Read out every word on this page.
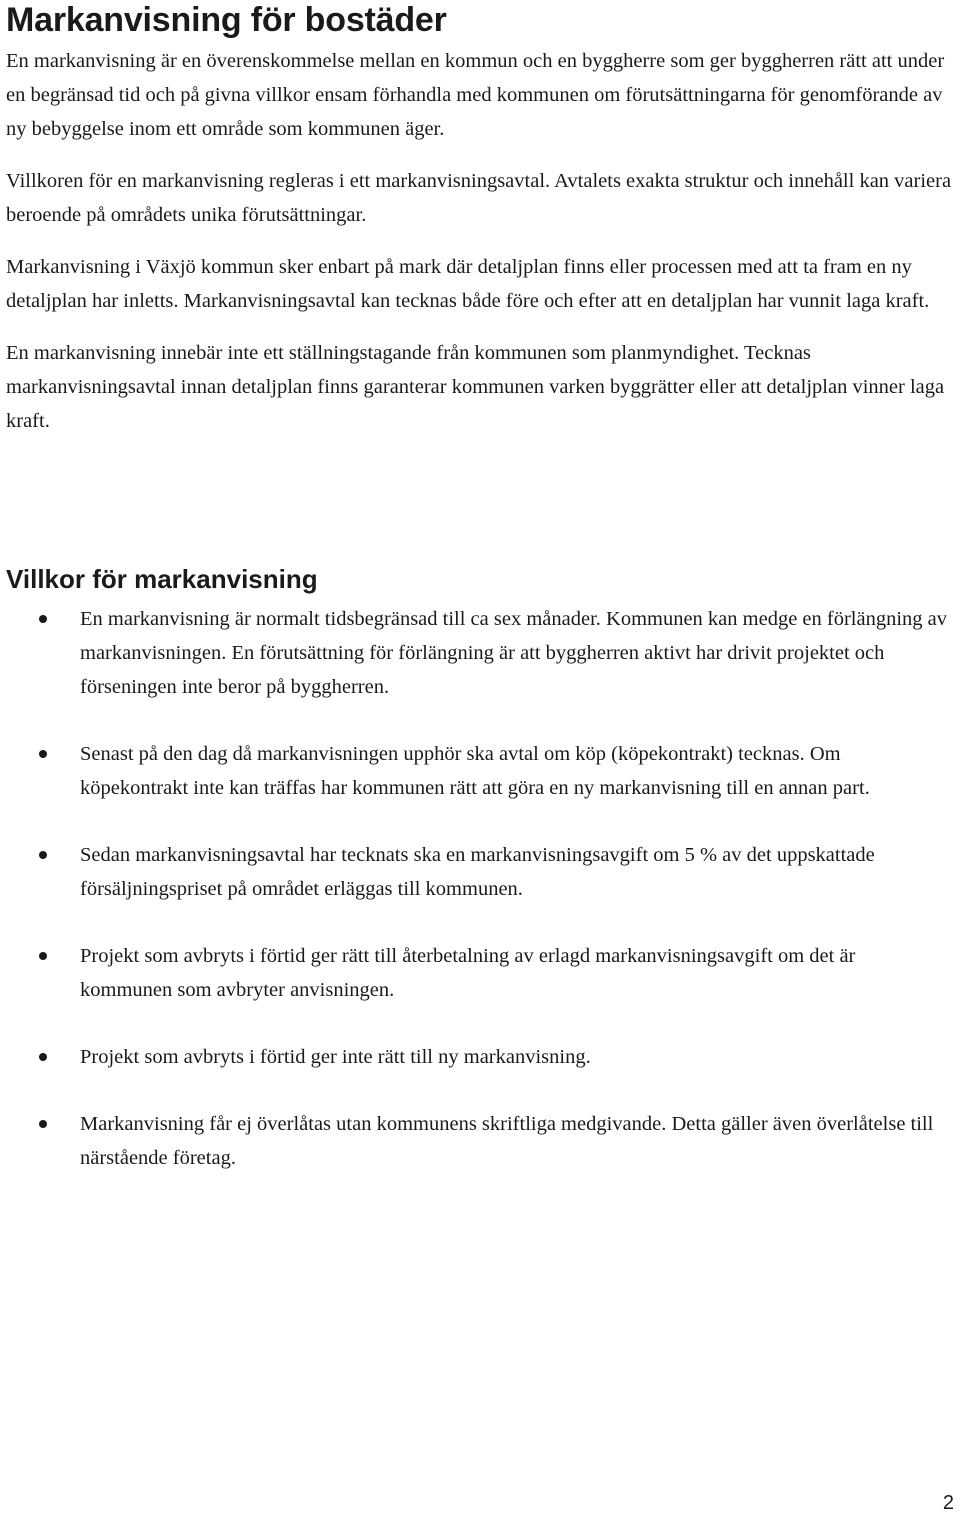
Markanvisning för bostäder

En markanvisning är en överenskommelse mellan en kommun och en byggherre som ger byggherren rätt att under en begränsad tid och på givna villkor ensam förhandla med kommunen om förutsättningarna för genomförande av ny bebyggelse inom ett område som kommunen äger.

Villkoren för en markanvisning regleras i ett markanvisningsavtal. Avtalets exakta struktur och innehåll kan variera beroende på områdets unika förutsättningar.

Markanvisning i Växjö kommun sker enbart på mark där detaljplan finns eller processen med att ta fram en ny detaljplan har inletts. Markanvisningsavtal kan tecknas både före och efter att en detaljplan har vunnit laga kraft.

En markanvisning innebär inte ett ställningstagande från kommunen som planmyndighet. Tecknas markanvisningsavtal innan detaljplan finns garanterar kommunen varken byggrätter eller att detaljplan vinner laga kraft.

Villkor för markanvisning
En markanvisning är normalt tidsbegränsad till ca sex månader. Kommunen kan medge en förlängning av markanvisningen. En förutsättning för förlängning är att byggherren aktivt har drivit projektet och förseningen inte beror på byggherren.
Senast på den dag då markanvisningen upphör ska avtal om köp (köpekontrakt) tecknas. Om köpekontrakt inte kan träffas har kommunen rätt att göra en ny markanvisning till en annan part.
Sedan markanvisningsavtal har tecknats ska en markanvisningsavgift om 5 % av det uppskattade försäljningspriset på området erläggas till kommunen.
Projekt som avbryts i förtid ger rätt till återbetalning av erlagd markanvisningsavgift om det är kommunen som avbryter anvisningen.
Projekt som avbryts i förtid ger inte rätt till ny markanvisning.
Markanvisning får ej överlåtas utan kommunens skriftliga medgivande. Detta gäller även överlåtelse till närstående företag.
2
